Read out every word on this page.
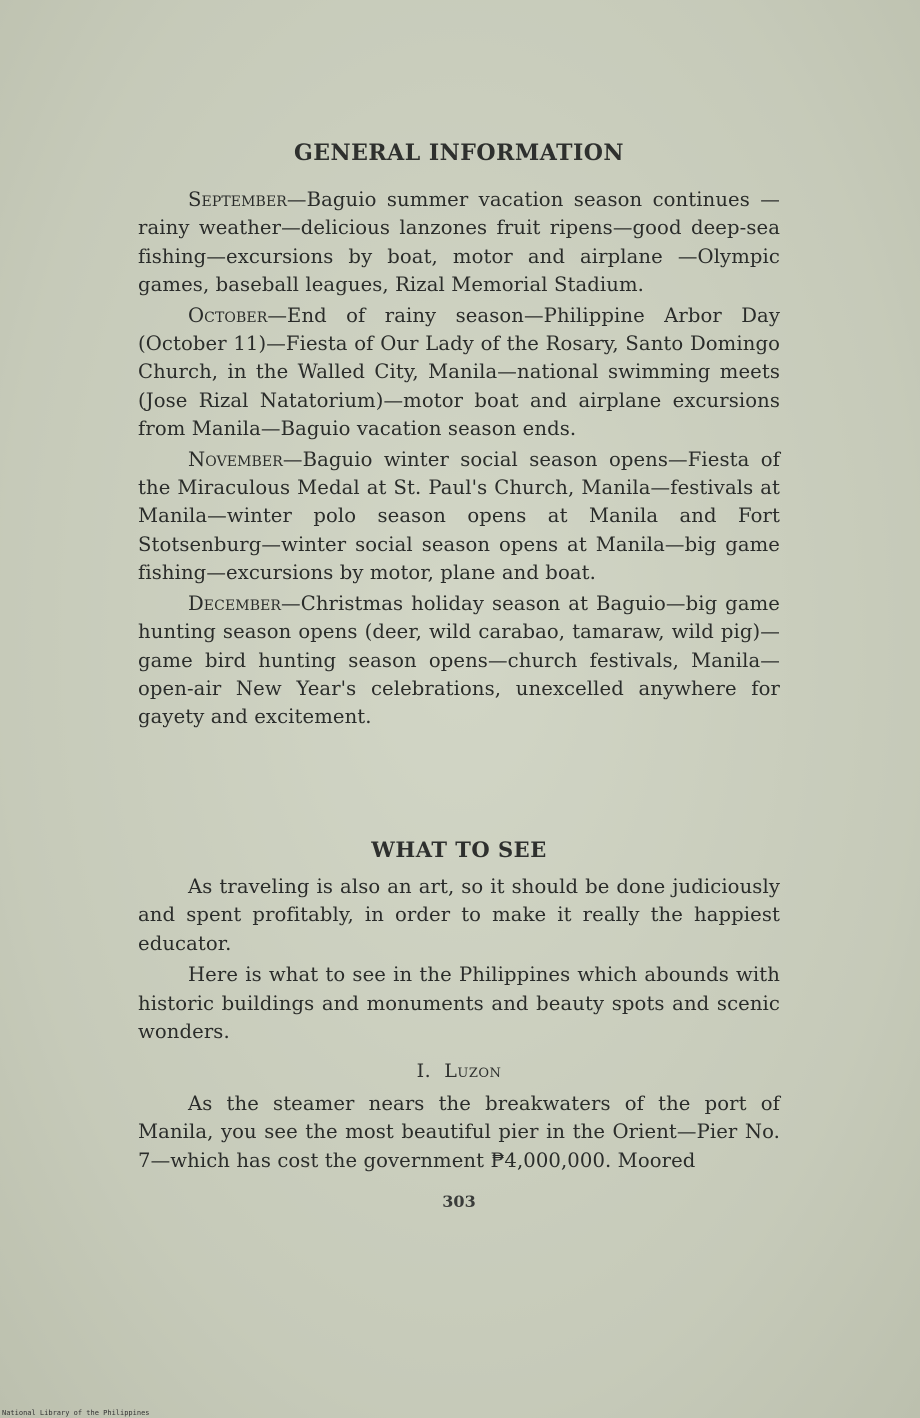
GENERAL INFORMATION

September—Baguio summer vacation season continues —rainy weather—delicious lanzones fruit ripens—good deep-sea fishing—excursions by boat, motor and airplane —Olympic games, baseball leagues, Rizal Memorial Stadium.

October—End of rainy season—Philippine Arbor Day (October 11)—Fiesta of Our Lady of the Rosary, Santo Domingo Church, in the Walled City, Manila—national swimming meets (Jose Rizal Natatorium)—motor boat and airplane excursions from Manila—Baguio vacation season ends.

November—Baguio winter social season opens—Fiesta of the Miraculous Medal at St. Paul's Church, Manila—festivals at Manila—winter polo season opens at Manila and Fort Stotsenburg—winter social season opens at Manila—big game fishing—excursions by motor, plane and boat.

December—Christmas holiday season at Baguio—big game hunting season opens (deer, wild carabao, tamaraw, wild pig)—game bird hunting season opens—church festivals, Manila—open-air New Year's celebrations, unexcelled anywhere for gayety and excitement.

WHAT TO SEE

As traveling is also an art, so it should be done judiciously and spent profitably, in order to make it really the happiest educator.

Here is what to see in the Philippines which abounds with historic buildings and monuments and beauty spots and scenic wonders.

I. Luzon

As the steamer nears the breakwaters of the port of Manila, you see the most beautiful pier in the Orient—Pier No. 7—which has cost the government ₱4,000,000. Moored

303
National Library of the Philippines
